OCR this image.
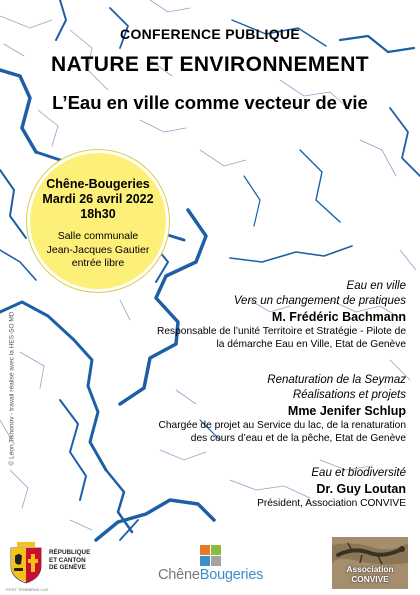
CONFERENCE PUBLIQUE
NATURE ET ENVIRONNEMENT
L’Eau en ville comme vecteur de vie
Chêne-Bougeries
Mardi 26 avril 2022
18h30
Salle communale
Jean-Jacques Gautier
entrée libre
Eau en ville
Vers un changement de pratiques
M. Frédéric Bachmann
Responsable de l’unité Territoire et Stratégie - Pilote de
la démarche Eau en Ville, Etat de Genève
Renaturation de la Seymaz
Réalisations et projets
Mme Jenifer Schlup
Chargée de projet au Service du lac, de la renaturation
des cours d’eau et de la pêche, Etat de Genève
Eau et biodiversité
Dr. Guy Loutan
Président, Association CONVIVE
© Léon Tikhonov - travail réalisé avec la HES-SO MD
RÉPUBLIQUE
ET CANTON
DE GENÈVE
POST TENEBRAS LUX
ChêneBougeries	Association
CONVIVE
